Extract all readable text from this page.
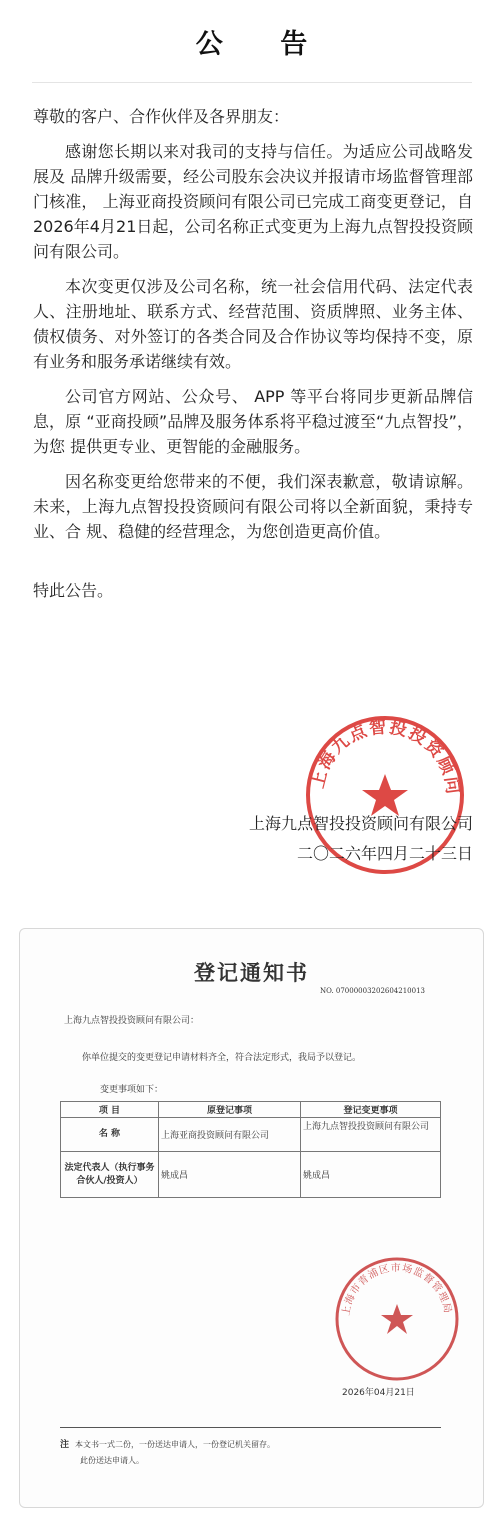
公 告

尊敬的客户、合作伙伴及各界朋友：

感谢您长期以来对我司的支持与信任。为适应公司战略发展及 品牌升级需要，经公司股东会决议并报请市场监督管理部门核准， 上海亚商投资顾问有限公司已完成工商变更登记，自2026年4月21日起，公司名称正式变更为上海九点智投投资顾问有限公司。

本次变更仅涉及公司名称，统一社会信用代码、法定代表人、注册地址、联系方式、经营范围、资质牌照、业务主体、债权债务、对外签订的各类合同及合作协议等均保持不变，原有业务和服务承诺继续有效。

公司官方网站、公众号、 APP 等平台将同步更新品牌信息，原 “亚商投顾”品牌及服务体系将平稳过渡至“九点智投”，为您 提供更专业、更智能的金融服务。

因名称变更给您带来的不便，我们深表歉意，敬请谅解。未来，上海九点智投投资顾问有限公司将以全新面貌，秉持专业、合 规、稳健的经营理念，为您创造更高价值。

特此公告。

上海九点智投投资顾问
上海九点智投投资顾问有限公司
二〇二六年四月二十三日
登记通知书
NO. 07000003202604210013
上海九点智投投资顾问有限公司：
你单位提交的变更登记申请材料齐全，符合法定形式，我局予以登记。
变更事项如下：
项 目	原登记事项	登记变更事项
名 称	上海亚商投资顾问有限公司	上海九点智投投资顾问有限公司
法定代表人（执行事务合伙人/投资人）	姚成昌	姚成昌
上海市青浦区市场监督管理局
2026年04月21日
注 本文书一式二份，一份送达申请人，一份登记机关留存。
此份送达申请人。
